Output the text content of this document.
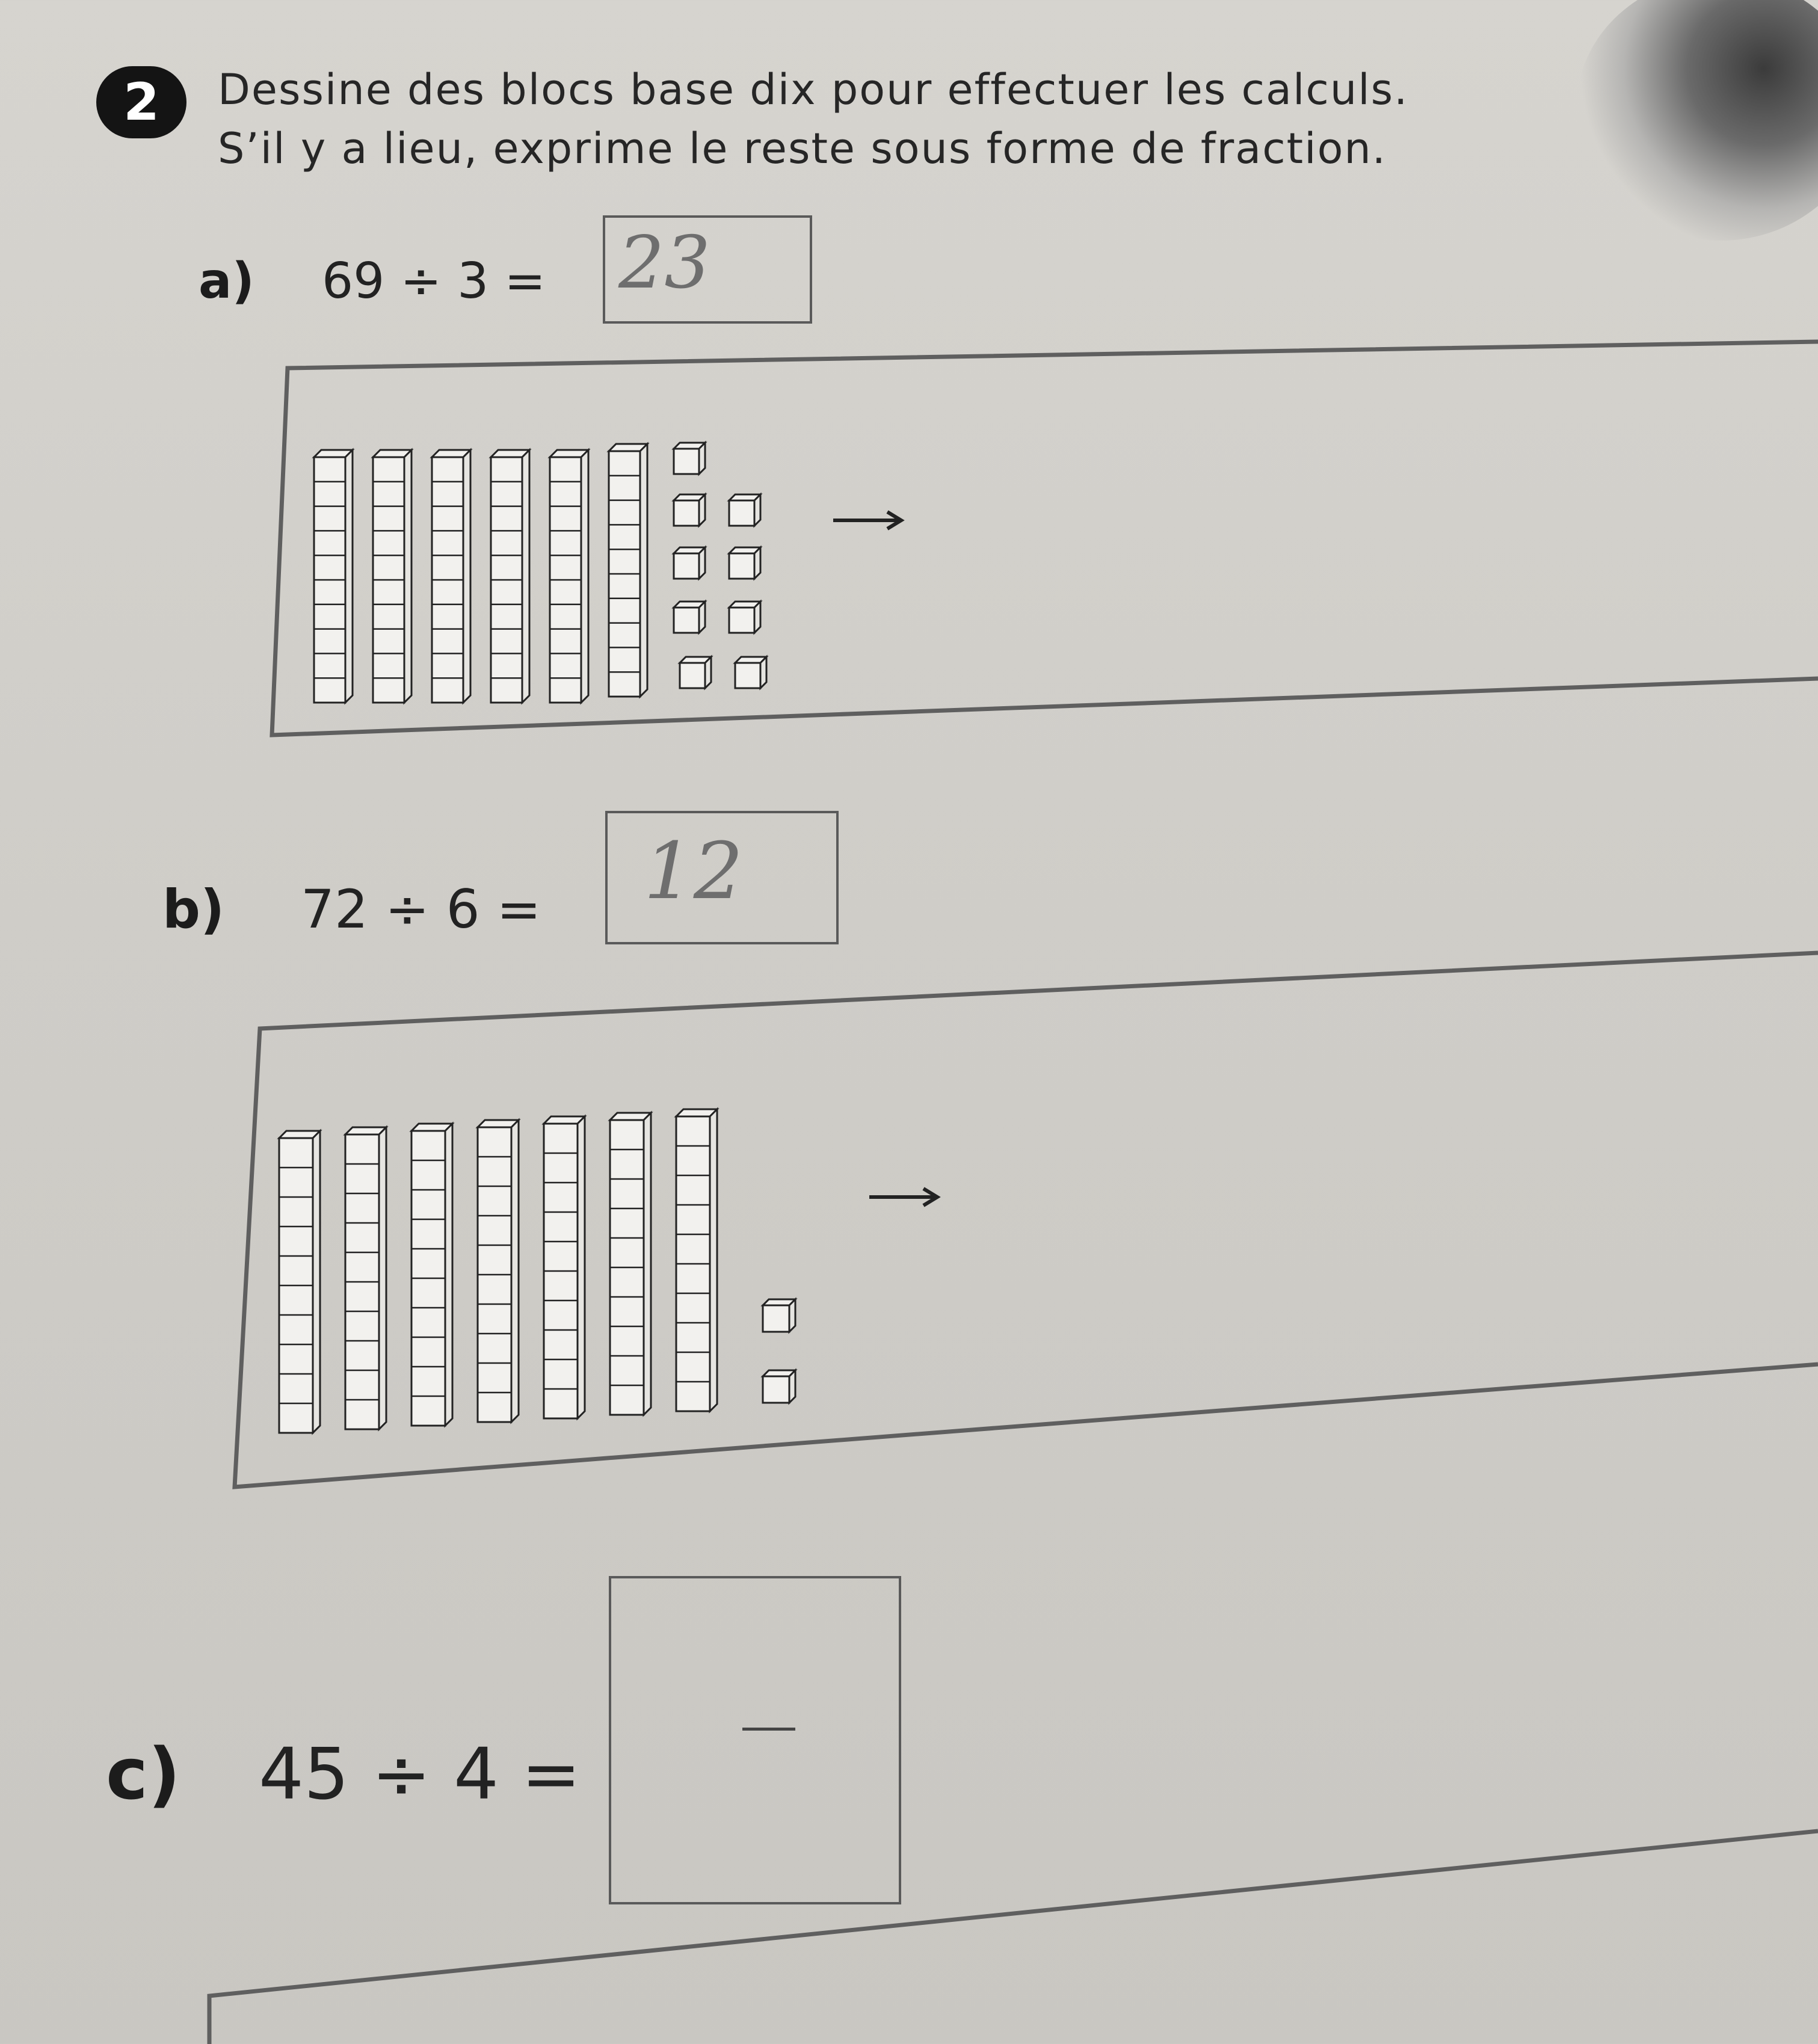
2	Dessine des blocs base dix pour effectuer les calculs.
S’il y a lieu, exprime le reste sous forme de fraction.
a) 69 ÷ 3 = 23
b) 72 ÷ 6 = 12
c) 45 ÷ 4 =
